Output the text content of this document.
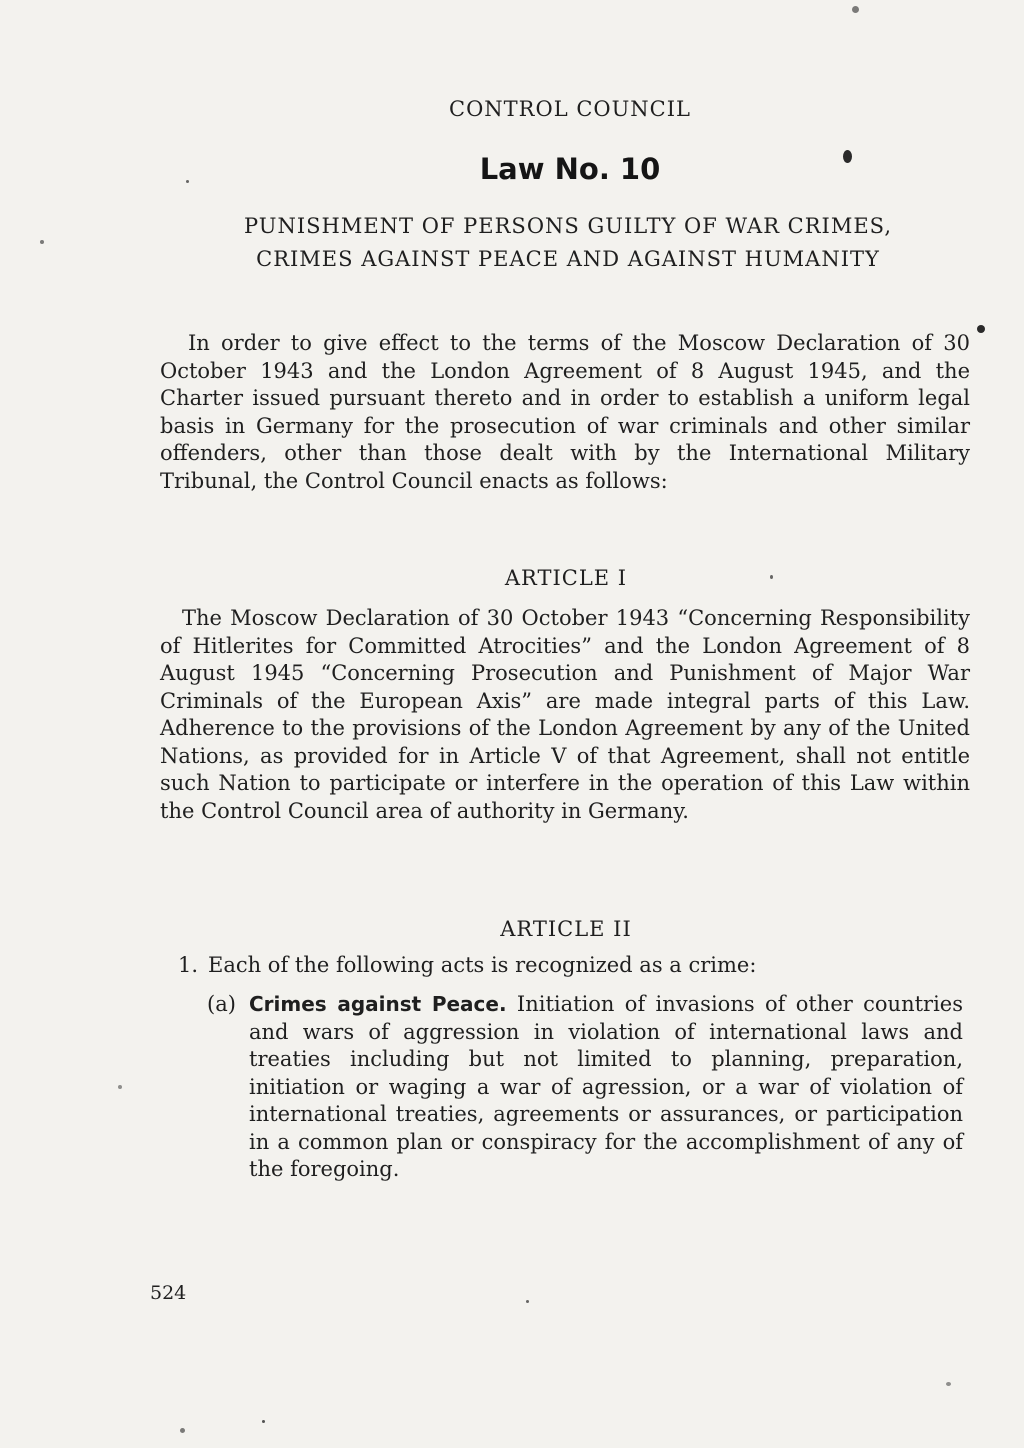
CONTROL COUNCIL
Law No. 10
PUNISHMENT OF PERSONS GUILTY OF WAR CRIMES,
CRIMES AGAINST PEACE AND AGAINST HUMANITY
In order to give effect to the terms of the Moscow Declaration of 30 October 1943 and the London Agreement of 8 August 1945, and the Charter issued pursuant thereto and in order to establish a uniform legal basis in Germany for the prosecution of war criminals and other similar offenders, other than those dealt with by the International Military Tribunal, the Control Council enacts as follows:
ARTICLE I
The Moscow Declaration of 30 October 1943 “Concerning Responsibility of Hitlerites for Committed Atrocities” and the London Agreement of 8 August 1945 “Concerning Prosecution and Punishment of Major War Criminals of the European Axis” are made integral parts of this Law. Adherence to the provisions of the London Agreement by any of the United Nations, as provided for in Article V of that Agreement, shall not entitle such Nation to participate or interfere in the operation of this Law within the Control Council area of authority in Germany.
ARTICLE II
1. Each of the following acts is recognized as a crime:
(a) Crimes against Peace. Initiation of invasions of other countries and wars of aggression in violation of international laws and treaties including but not limited to planning, preparation, initiation or waging a war of agression, or a war of violation of international treaties, agreements or assurances, or participation in a common plan or conspiracy for the accomplishment of any of the foregoing.
524
